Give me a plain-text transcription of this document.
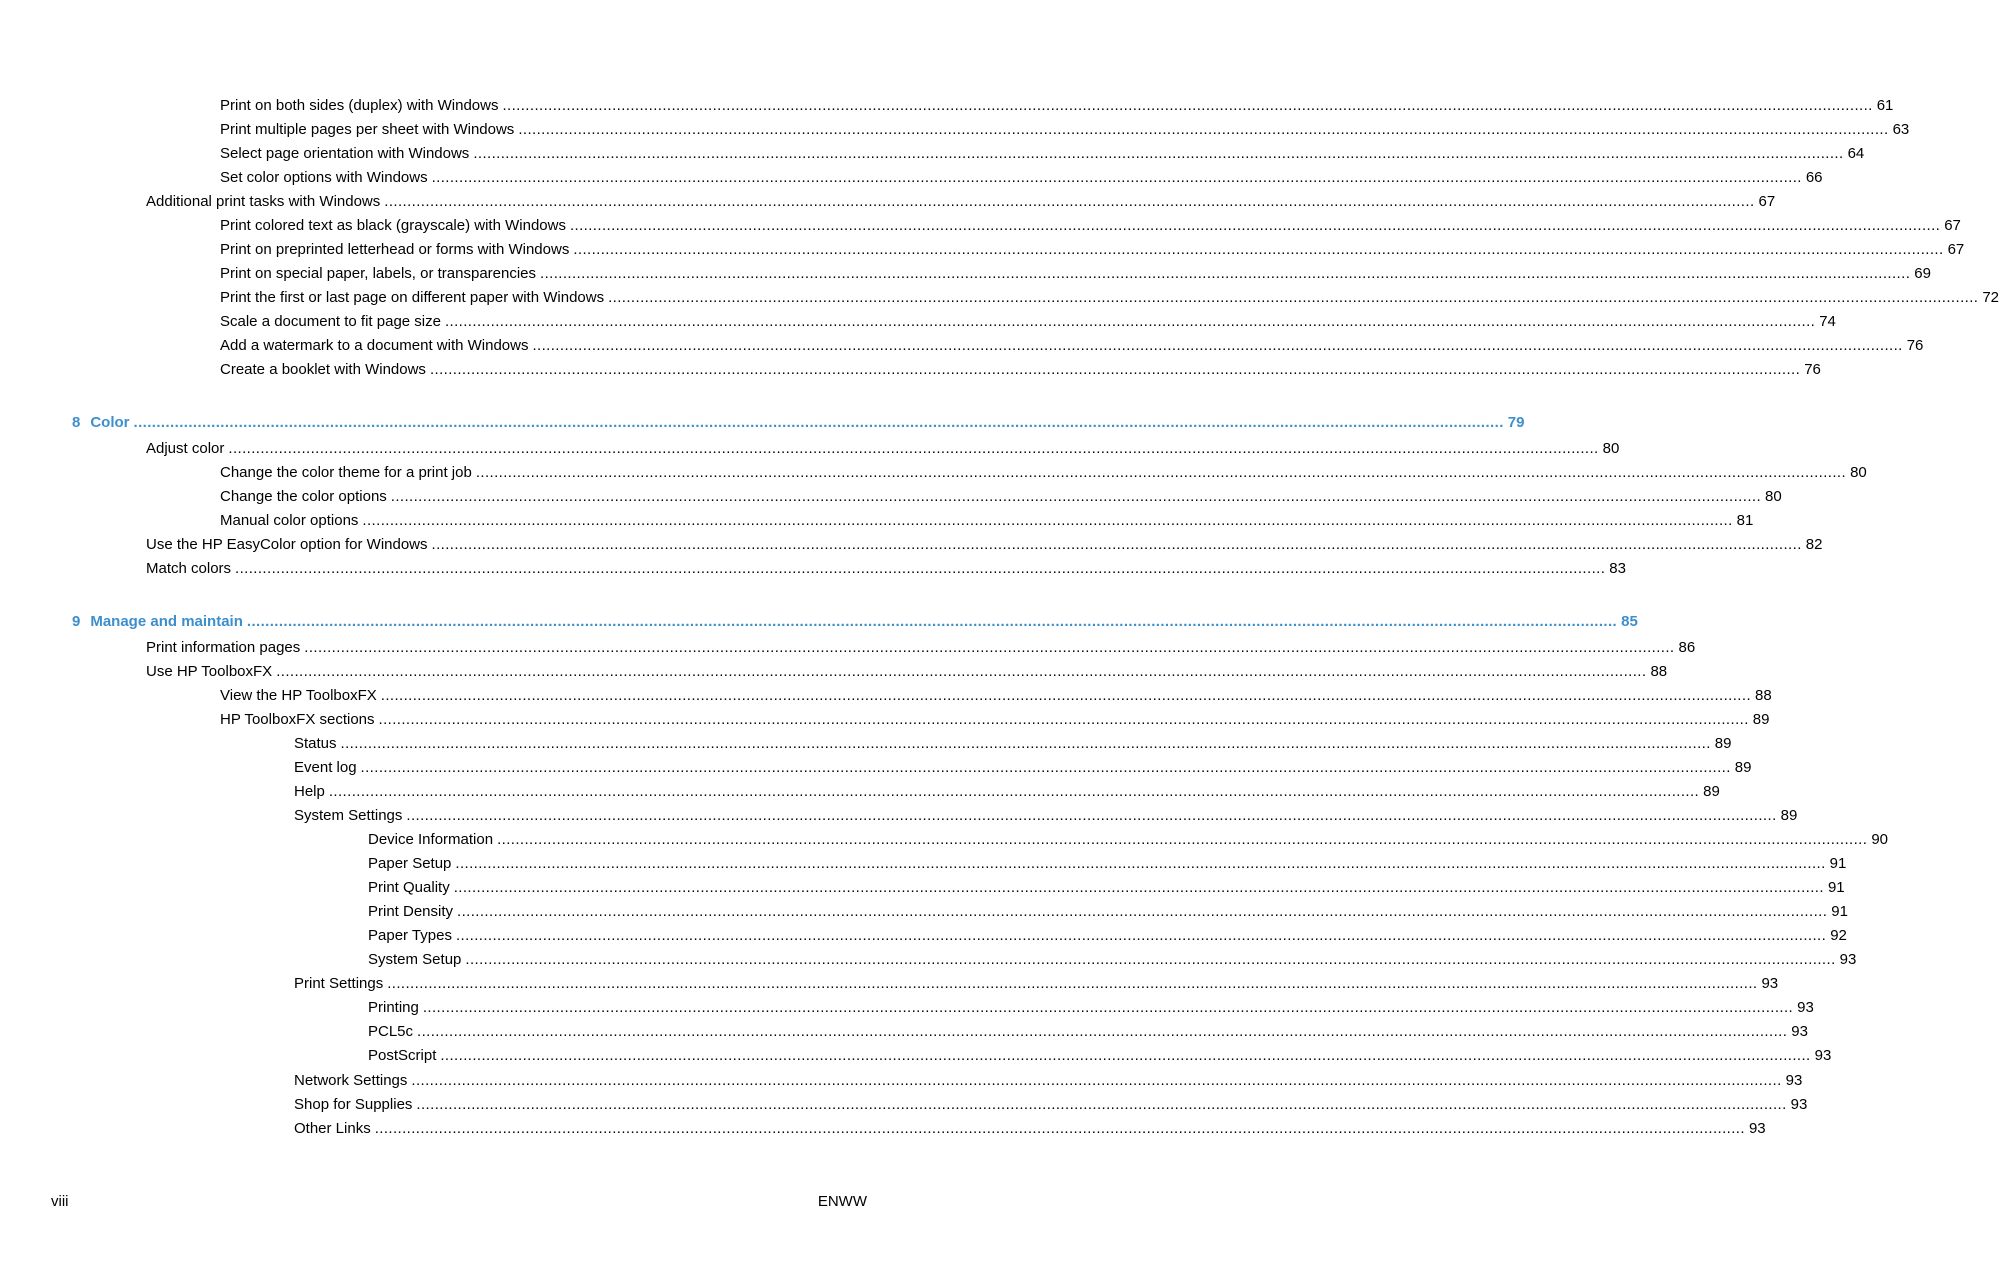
Print on both sides (duplex) with Windows ............................................................................................................................................................................................................................................................................................................ 61
Print multiple pages per sheet with Windows ............................................................................................................................................................................................................................................................................................................ 63
Select page orientation with Windows ............................................................................................................................................................................................................................................................................................................ 64
Set color options with Windows ............................................................................................................................................................................................................................................................................................................ 66
Additional print tasks with Windows ............................................................................................................................................................................................................................................................................................................ 67
Print colored text as black (grayscale) with Windows ............................................................................................................................................................................................................................................................................................................ 67
Print on preprinted letterhead or forms with Windows ............................................................................................................................................................................................................................................................................................................ 67
Print on special paper, labels, or transparencies ............................................................................................................................................................................................................................................................................................................ 69
Print the first or last page on different paper with Windows ............................................................................................................................................................................................................................................................................................................ 72
Scale a document to fit page size ............................................................................................................................................................................................................................................................................................................ 74
Add a watermark to a document with Windows ............................................................................................................................................................................................................................................................................................................ 76
Create a booklet with Windows ............................................................................................................................................................................................................................................................................................................ 76
8 Color ............................................................................................................................................................................................................................................................................................................ 79
Adjust color ............................................................................................................................................................................................................................................................................................................ 80
Change the color theme for a print job ............................................................................................................................................................................................................................................................................................................ 80
Change the color options ............................................................................................................................................................................................................................................................................................................ 80
Manual color options ............................................................................................................................................................................................................................................................................................................ 81
Use the HP EasyColor option for Windows ............................................................................................................................................................................................................................................................................................................ 82
Match colors ............................................................................................................................................................................................................................................................................................................ 83
9 Manage and maintain ............................................................................................................................................................................................................................................................................................................ 85
Print information pages ............................................................................................................................................................................................................................................................................................................ 86
Use HP ToolboxFX ............................................................................................................................................................................................................................................................................................................ 88
View the HP ToolboxFX ............................................................................................................................................................................................................................................................................................................ 88
HP ToolboxFX sections ............................................................................................................................................................................................................................................................................................................ 89
Status ............................................................................................................................................................................................................................................................................................................ 89
Event log ............................................................................................................................................................................................................................................................................................................ 89
Help ............................................................................................................................................................................................................................................................................................................ 89
System Settings ............................................................................................................................................................................................................................................................................................................ 89
Device Information ............................................................................................................................................................................................................................................................................................................ 90
Paper Setup ............................................................................................................................................................................................................................................................................................................ 91
Print Quality ............................................................................................................................................................................................................................................................................................................ 91
Print Density ............................................................................................................................................................................................................................................................................................................ 91
Paper Types ............................................................................................................................................................................................................................................................................................................ 92
System Setup ............................................................................................................................................................................................................................................................................................................ 93
Print Settings ............................................................................................................................................................................................................................................................................................................ 93
Printing ............................................................................................................................................................................................................................................................................................................ 93
PCL5c ............................................................................................................................................................................................................................................................................................................ 93
PostScript ............................................................................................................................................................................................................................................................................................................ 93
Network Settings ............................................................................................................................................................................................................................................................................................................ 93
Shop for Supplies ............................................................................................................................................................................................................................................................................................................ 93
Other Links ............................................................................................................................................................................................................................................................................................................ 93
viii	ENWW
